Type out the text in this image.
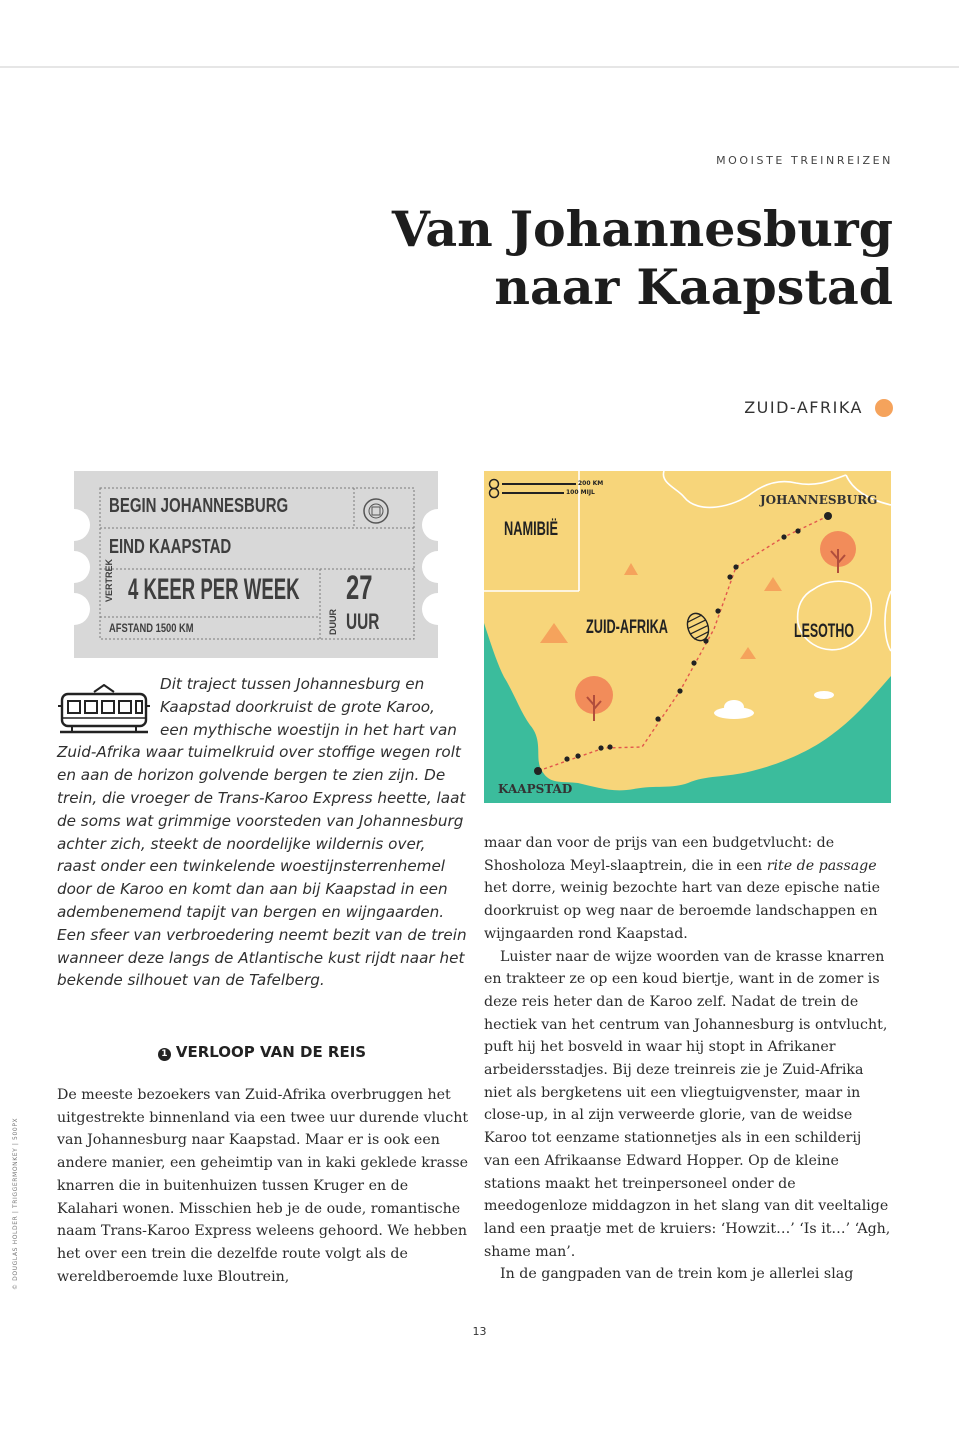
MOOISTE TREINREIZEN
Van Johannesburg
naar Kaapstad
ZUID-AFRIKA
BEGIN JOHANNESBURG
EIND KAAPSTAD
VERTREK 4 KEER PER WEEK
AFSTAND 1500 KM
27
DUUR UUR

Dit traject tussen Johannesburg en Kaapstad doorkruist de grote Karoo, een mythische woestijn in het hart van Zuid-Afrika waar tuimelkruid over stoffige wegen rolt en aan de horizon golvende bergen te zien zijn. De trein, die vroeger de Trans-Karoo Express heette, laat de soms wat grimmige voorsteden van Johannesburg achter zich, steekt de noordelijke wildernis over, raast onder een twinkelende woestijnsterrenhemel door de Karoo en komt dan aan bij Kaapstad in een adembenemend tapijt van bergen en wijngaarden. Een sfeer van verbroedering neemt bezit van de trein wanneer deze langs de Atlantische kust rijdt naar het bekende silhouet van de Tafelberg.

1 VERLOOP VAN DE REIS

De meeste bezoekers van Zuid-Afrika overbruggen het uitgestrekte binnenland via een twee uur durende vlucht van Johannesburg naar Kaapstad. Maar er is ook een andere manier, een geheimtip van in kaki geklede krasse knarren die in buitenhuizen tussen Kruger en de Kalahari wonen. Misschien heb je de oude, romantische naam Trans-Karoo Express weleens gehoord. We hebben het over een trein die dezelfde route volgt als de wereldberoemde luxe Bloutrein,

maar dan voor de prijs van een budgetvlucht: de Shosholoza Meyl-slaaptrein, die in een rite de passage het dorre, weinig bezochte hart van deze epische natie doorkruist op weg naar de beroemde landschappen en wijngaarden rond Kaapstad.

Luister naar de wijze woorden van de krasse knarren en trakteer ze op een koud biertje, want in de zomer is deze reis heter dan de Karoo zelf. Nadat de trein de hectiek van het centrum van Johannesburg is ontvlucht, puft hij het bosveld in waar hij stopt in Afrikaner arbeidersstadjes. Bij deze treinreis zie je Zuid-Afrika niet als bergketens uit een vliegtuigvenster, maar in close-up, in al zijn verweerde glorie, van de weidse Karoo tot eenzame stationnetjes als in een schilderij van een Afrikaanse Edward Hopper. Op de kleine stations maakt het treinpersoneel onder de meedogenloze middagzon in het slang van dit veeltalige land een praatje met de kruiers: ‘Howzit…’ ‘Is it…’ ‘Agh, shame man’.

In de gangpaden van de trein kom je allerlei slag

200 KM
100 MIJL
NAMIBIË
ZUID-AFRIKA	LESOTHO
JOHANNESBURG
KAAPSTAD
© DOUGLAS HOLDER | TRIGGERMONKEY | 500PX
13
